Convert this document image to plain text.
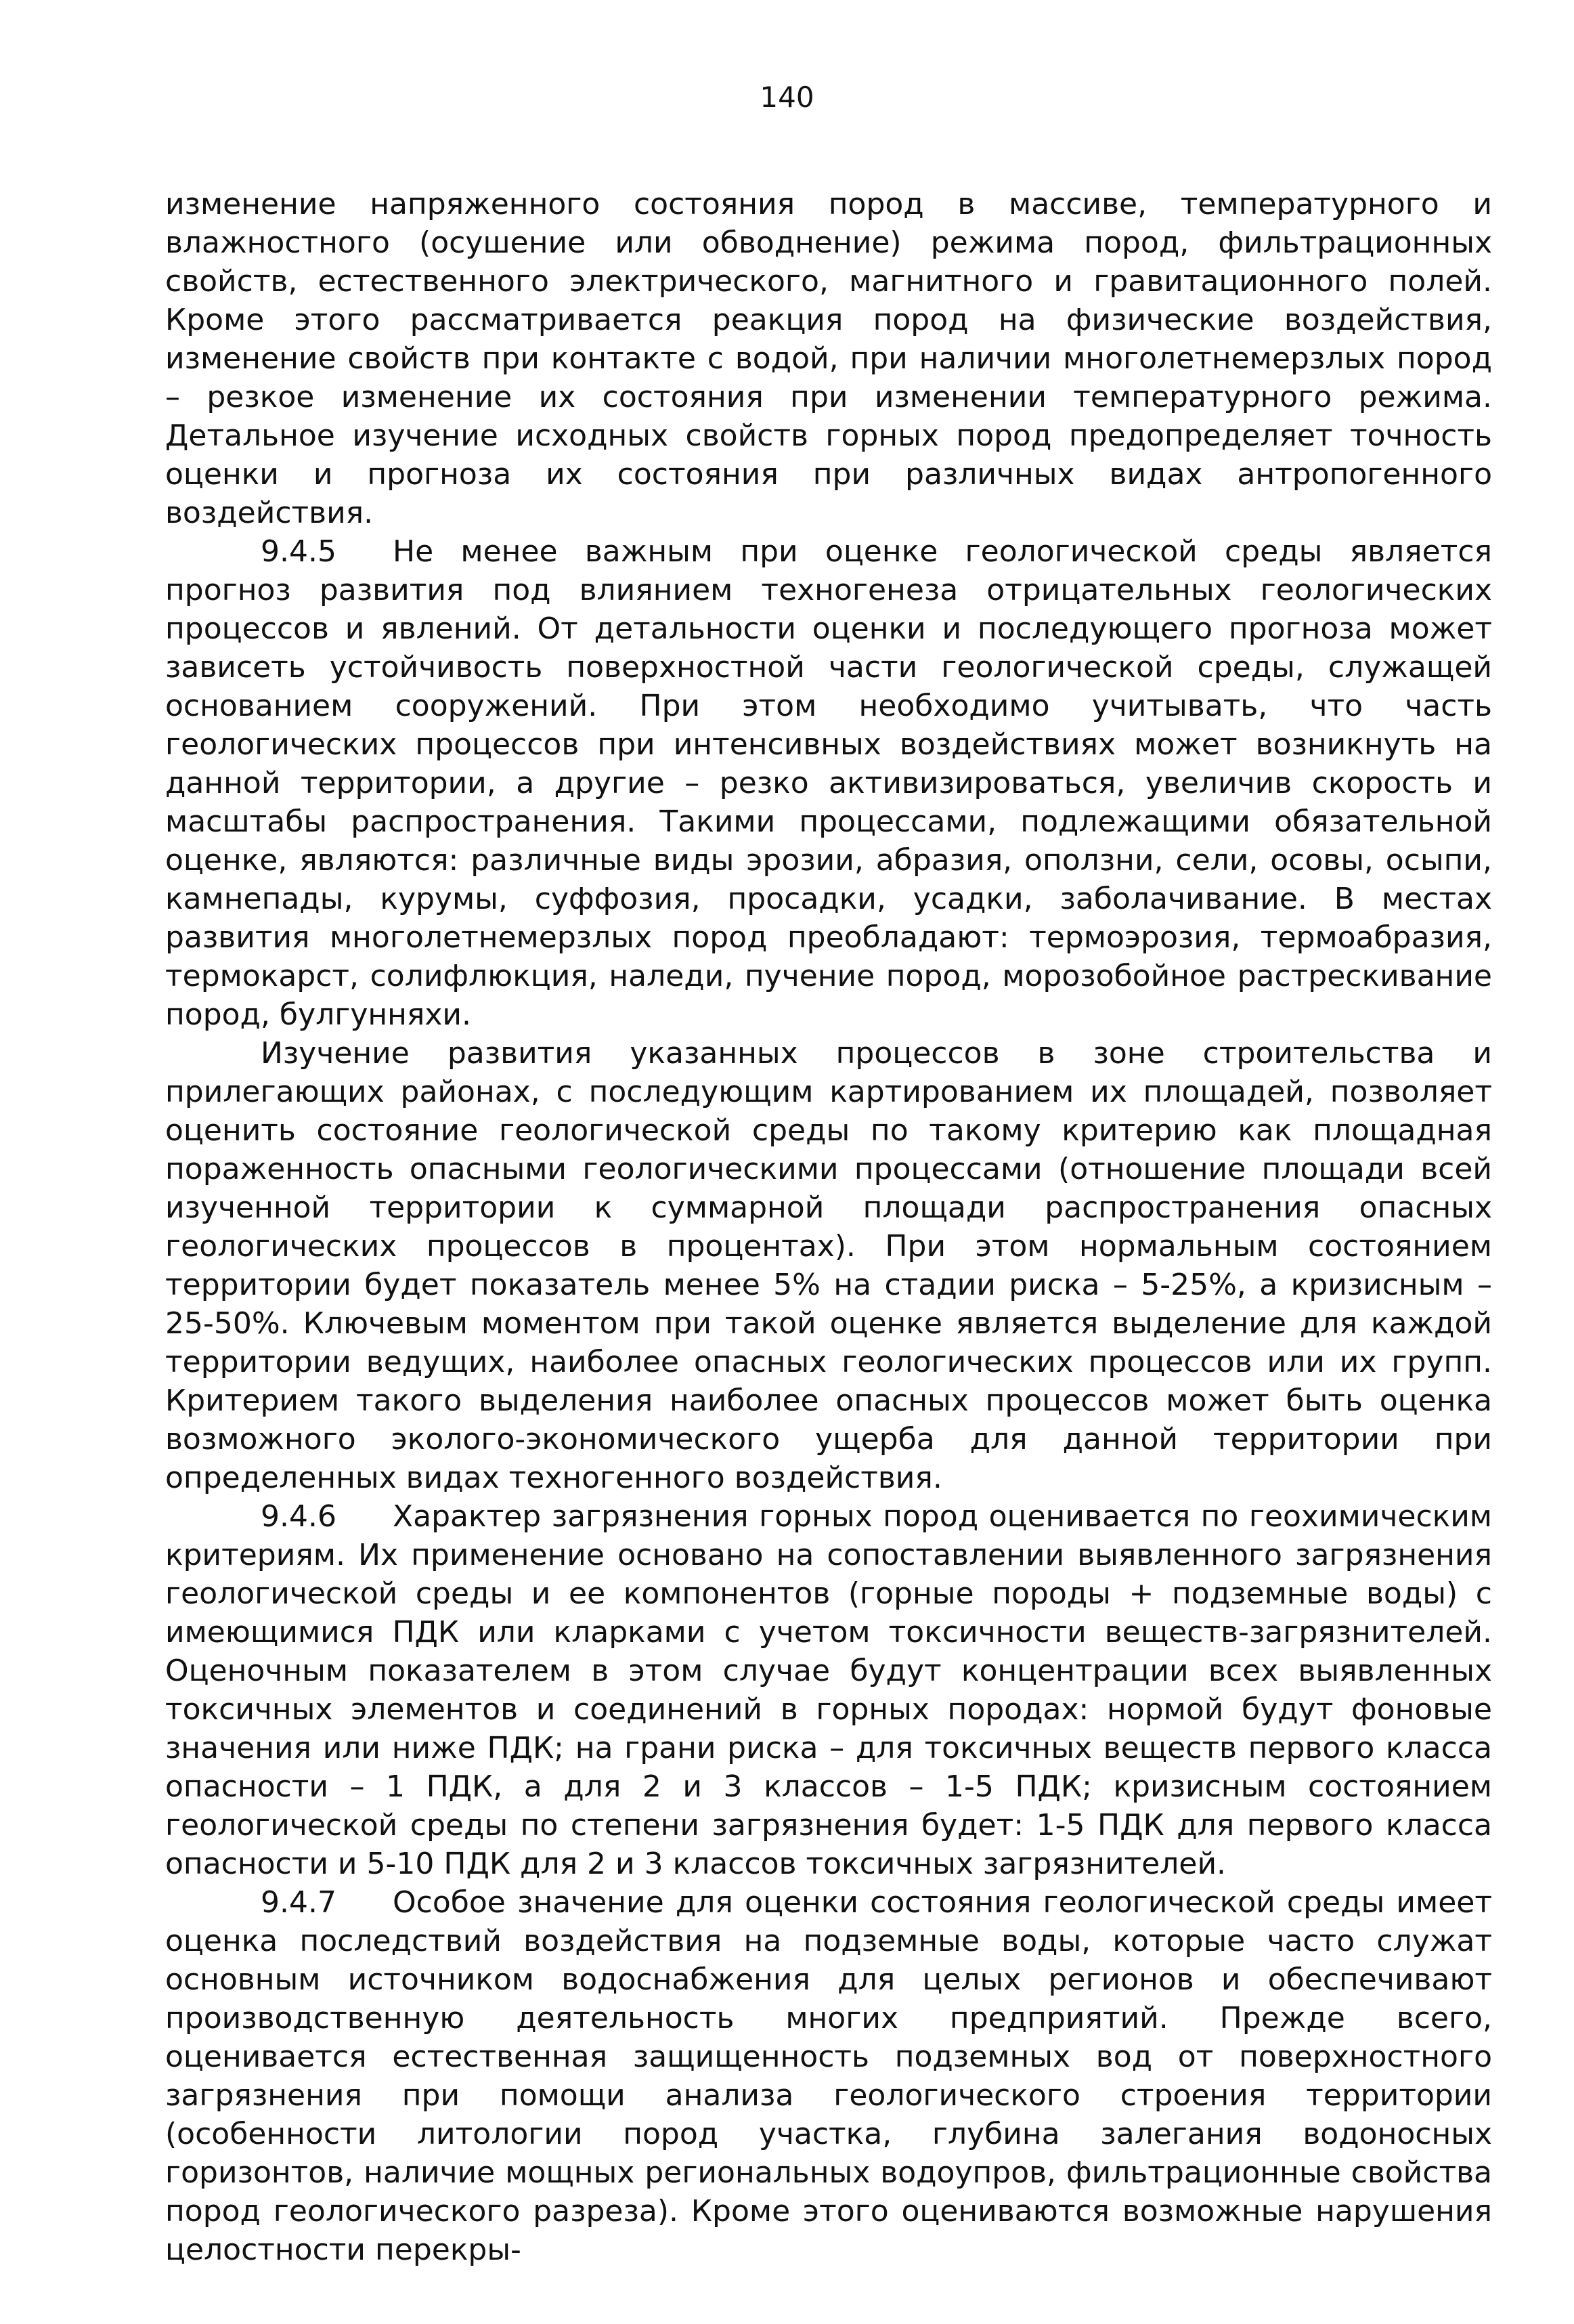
140

изменение напряженного состояния пород в массиве, температурного и влажностного (осушение или обводнение) режима пород, фильтрационных свойств, естественного электрического, магнитного и гравитационного полей. Кроме этого рассматривается реакция пород на физические воздействия, изменение свойств при контакте с водой, при наличии многолетнемерзлых пород – резкое изменение их состояния при изменении температурного режима. Детальное изучение исходных свойств горных пород предопределяет точность оценки и прогноза их состояния при различных видах антропогенного воздействия.

9.4.5 Не менее важным при оценке геологической среды является прогноз развития под влиянием техногенеза отрицательных геологических процессов и явлений. От детальности оценки и последующего прогноза может зависеть устойчивость поверхностной части геологической среды, служащей основанием сооружений. При этом необходимо учитывать, что часть геологических процессов при интенсивных воздействиях может возникнуть на данной территории, а другие – резко активизироваться, увеличив скорость и масштабы распространения. Такими процессами, подлежащими обязательной оценке, являются: различные виды эрозии, абразия, оползни, сели, осовы, осыпи, камнепады, курумы, суффозия, просадки, усадки, заболачивание. В местах развития многолетнемерзлых пород преобладают: термоэрозия, термоабразия, термокарст, солифлюкция, наледи, пучение пород, морозобойное растрескивание пород, булгунняхи.

Изучение развития указанных процессов в зоне строительства и прилегающих районах, с последующим картированием их площадей, позволяет оценить состояние геологической среды по такому критерию как площадная пораженность опасными геологическими процессами (отношение площади всей изученной территории к суммарной площади распространения опасных геологических процессов в процентах). При этом нормальным состоянием территории будет показатель менее 5% на стадии риска – 5-25%, а кризисным – 25-50%. Ключевым моментом при такой оценке является выделение для каждой территории ведущих, наиболее опасных геологических процессов или их групп. Критерием такого выделения наиболее опасных процессов может быть оценка возможного эколого-экономического ущерба для данной территории при определенных видах техногенного воздействия.

9.4.6 Характер загрязнения горных пород оценивается по геохимическим критериям. Их применение основано на сопоставлении выявленного загрязнения геологической среды и ее компонентов (горные породы + подземные воды) с имеющимися ПДК или кларками с учетом токсичности веществ-загрязнителей. Оценочным показателем в этом случае будут концентрации всех выявленных токсичных элементов и соединений в горных породах: нормой будут фоновые значения или ниже ПДК; на грани риска – для токсичных веществ первого класса опасности – 1 ПДК, а для 2 и 3 классов – 1-5 ПДК; кризисным состоянием геологической среды по степени загрязнения будет: 1-5 ПДК для первого класса опасности и 5-10 ПДК для 2 и 3 классов токсичных загрязнителей.

9.4.7 Особое значение для оценки состояния геологической среды имеет оценка последствий воздействия на подземные воды, которые часто служат основным источником водоснабжения для целых регионов и обеспечивают производственную деятельность многих предприятий. Прежде всего, оценивается естественная защищенность подземных вод от поверхностного загрязнения при помощи анализа геологического строения территории (особенности литологии пород участка, глубина залегания водоносных горизонтов, наличие мощных региональных водоупров, фильтрационные свойства пород геологического разреза). Кроме этого оцениваются возможные нарушения целостности перекры-
